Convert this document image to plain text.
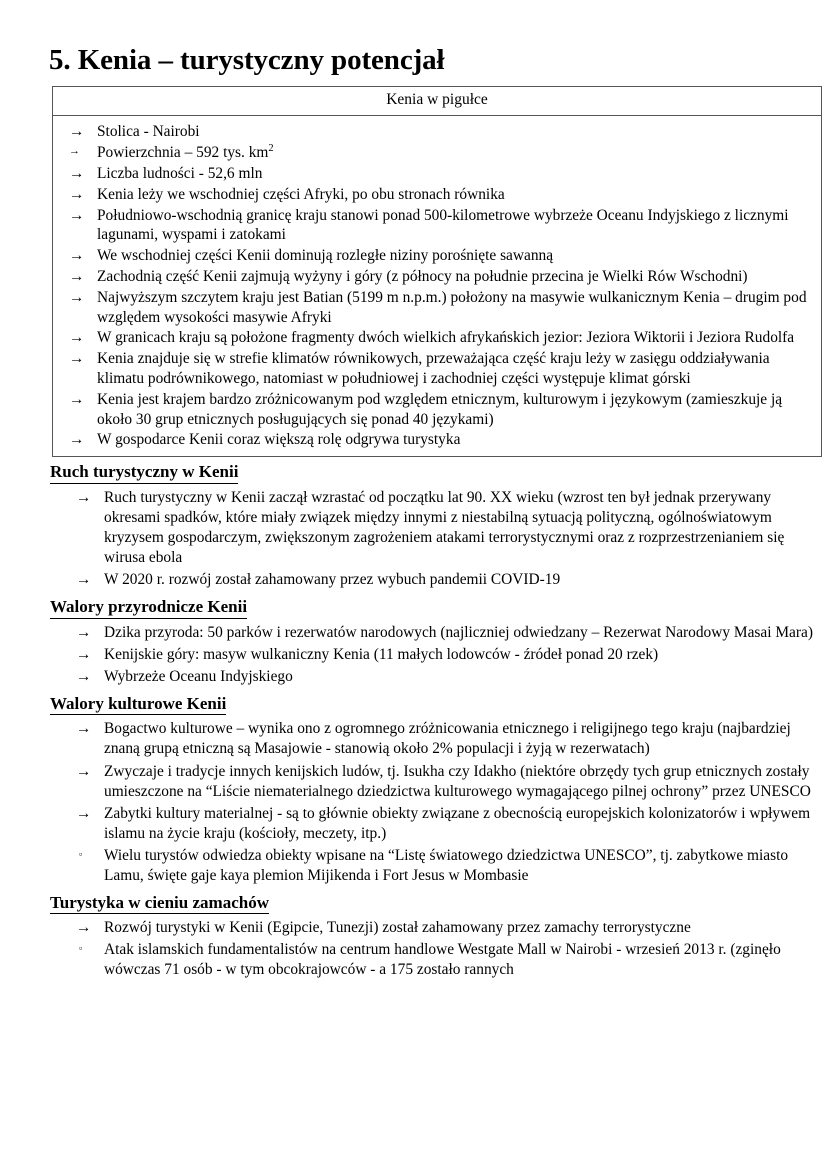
5. Kenia – turystyczny potencjał
Kenia w pigułce

→ Stolica - Nairobi
→	Powierzchnia – 592 tys. $km^2$
→ Liczba ludności - 52,6 mln
→ Kenia leży we wschodniej części Afryki, po obu stronach równika
→ Południowo-wschodnią granicę kraju stanowi ponad 500-kilometrowe wybrzeże Oceanu Indyjskiego z licznymi lagunami, wyspami i zatokami
→ We wschodniej części Kenii dominują rozległe niziny porośnięte sawanną
→ Zachodnią część Kenii zajmują wyżyny i góry (z północy na południe przecina je Wielki Rów Wschodni)
→ Najwyższym szczytem kraju jest Batian (5199 m n.p.m.) położony na masywie wulkanicznym Kenia – drugim pod względem wysokości masywie Afryki
→ W granicach kraju są położone fragmenty dwóch wielkich afrykańskich jezior: Jeziora Wiktorii i Jeziora Rudolfa
→ Kenia znajduje się w strefie klimatów równikowych, przeważająca część kraju leży w zasięgu oddziaływania klimatu podrównikowego, natomiast w południowej i zachodniej części występuje klimat górski
→ Kenia jest krajem bardzo zróżnicowanym pod względem etnicznym, kulturowym i językowym (zamieszkuje ją około 30 grup etnicznych posługujących się ponad 40 językami)
→ W gospodarce Kenii coraz większą rolę odgrywa turystyka
Ruch turystyczny w Kenii
→ Ruch turystyczny w Kenii zaczął wzrastać od początku lat 90. XX wieku (wzrost ten był jednak przerywany okresami spadków, które miały związek między innymi z niestabilną sytuacją polityczną, ogólnoświatowym kryzysem gospodarczym, zwiększonym zagrożeniem atakami terrorystycznymi oraz z rozprzestrzenianiem się wirusa ebola
→ W 2020 r. rozwój został zahamowany przez wybuch pandemii COVID-19
Walory przyrodnicze Kenii
→ Dzika przyroda: 50 parków i rezerwatów narodowych (najliczniej odwiedzany – Rezerwat Narodowy Masai Mara)
→ Kenijskie góry: masyw wulkaniczny Kenia (11 małych lodowców - źródeł ponad 20 rzek)
→ Wybrzeże Oceanu Indyjskiego
Walory kulturowe Kenii
→ Bogactwo kulturowe – wynika ono z ogromnego zróżnicowania etnicznego i religijnego tego kraju (najbardziej znaną grupą etniczną są Masajowie - stanowią około 2% populacji i żyją w rezerwatach)
→ Zwyczaje i tradycje innych kenijskich ludów, tj. Isukha czy Idakho (niektóre obrzędy tych grup etnicznych zostały umieszczone na “Liście niematerialnego dziedzictwa kulturowego wymagającego pilnej ochrony” przez UNESCO
→ Zabytki kultury materialnej - są to głównie obiekty związane z obecnością europejskich kolonizatorów i wpływem islamu na życie kraju (kościoły, meczety, itp.)
▫	Wielu turystów odwiedza obiekty wpisane na “Listę światowego dziedzictwa UNESCO”, tj. zabytkowe miasto Lamu, święte gaje kaya plemion Mijikenda i Fort Jesus w Mombasie
Turystyka w cieniu zamachów
→ Rozwój turystyki w Kenii (Egipcie, Tunezji) został zahamowany przez zamachy terrorystyczne
▫	Atak islamskich fundamentalistów na centrum handlowe Westgate Mall w Nairobi - wrzesień 2013 r. (zginęło wówczas 71 osób - w tym obcokrajowców - a 175 zostało rannych
